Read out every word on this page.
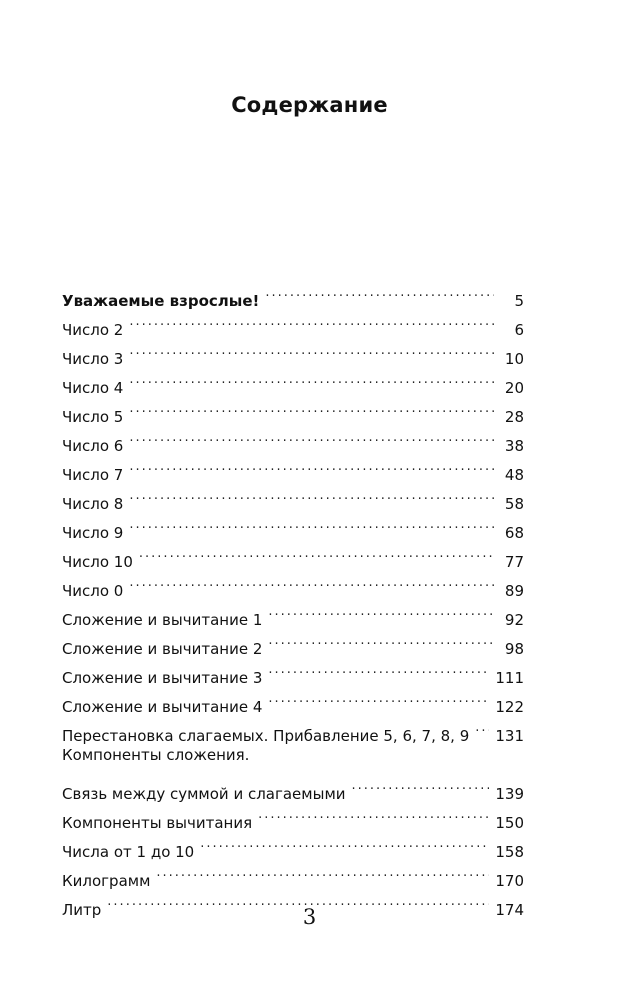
Содержание
Уважаемые взрослые! .....	5
Число 2 .....	6
Число 3 .....	10
Число 4 .....	20
Число 5 .....	28
Число 6 .....	38
Число 7 .....	48
Число 8 .....	58
Число 9 .....	68
Число 10 .....	77
Число 0 .....	89
Сложение и вычитание 1 .....	92
Сложение и вычитание 2 .....	98
Сложение и вычитание 3 .....	111
Сложение и вычитание 4 .....	122
Перестановка слагаемых. Прибавление 5, 6, 7, 8, 9 ..... 131
Компоненты сложения.
Связь между суммой и слагаемыми .....	139
Компоненты вычитания .....	150
Числа от 1 до 10 .....	158
Килограмм .....	170
Литр .....	174
3
